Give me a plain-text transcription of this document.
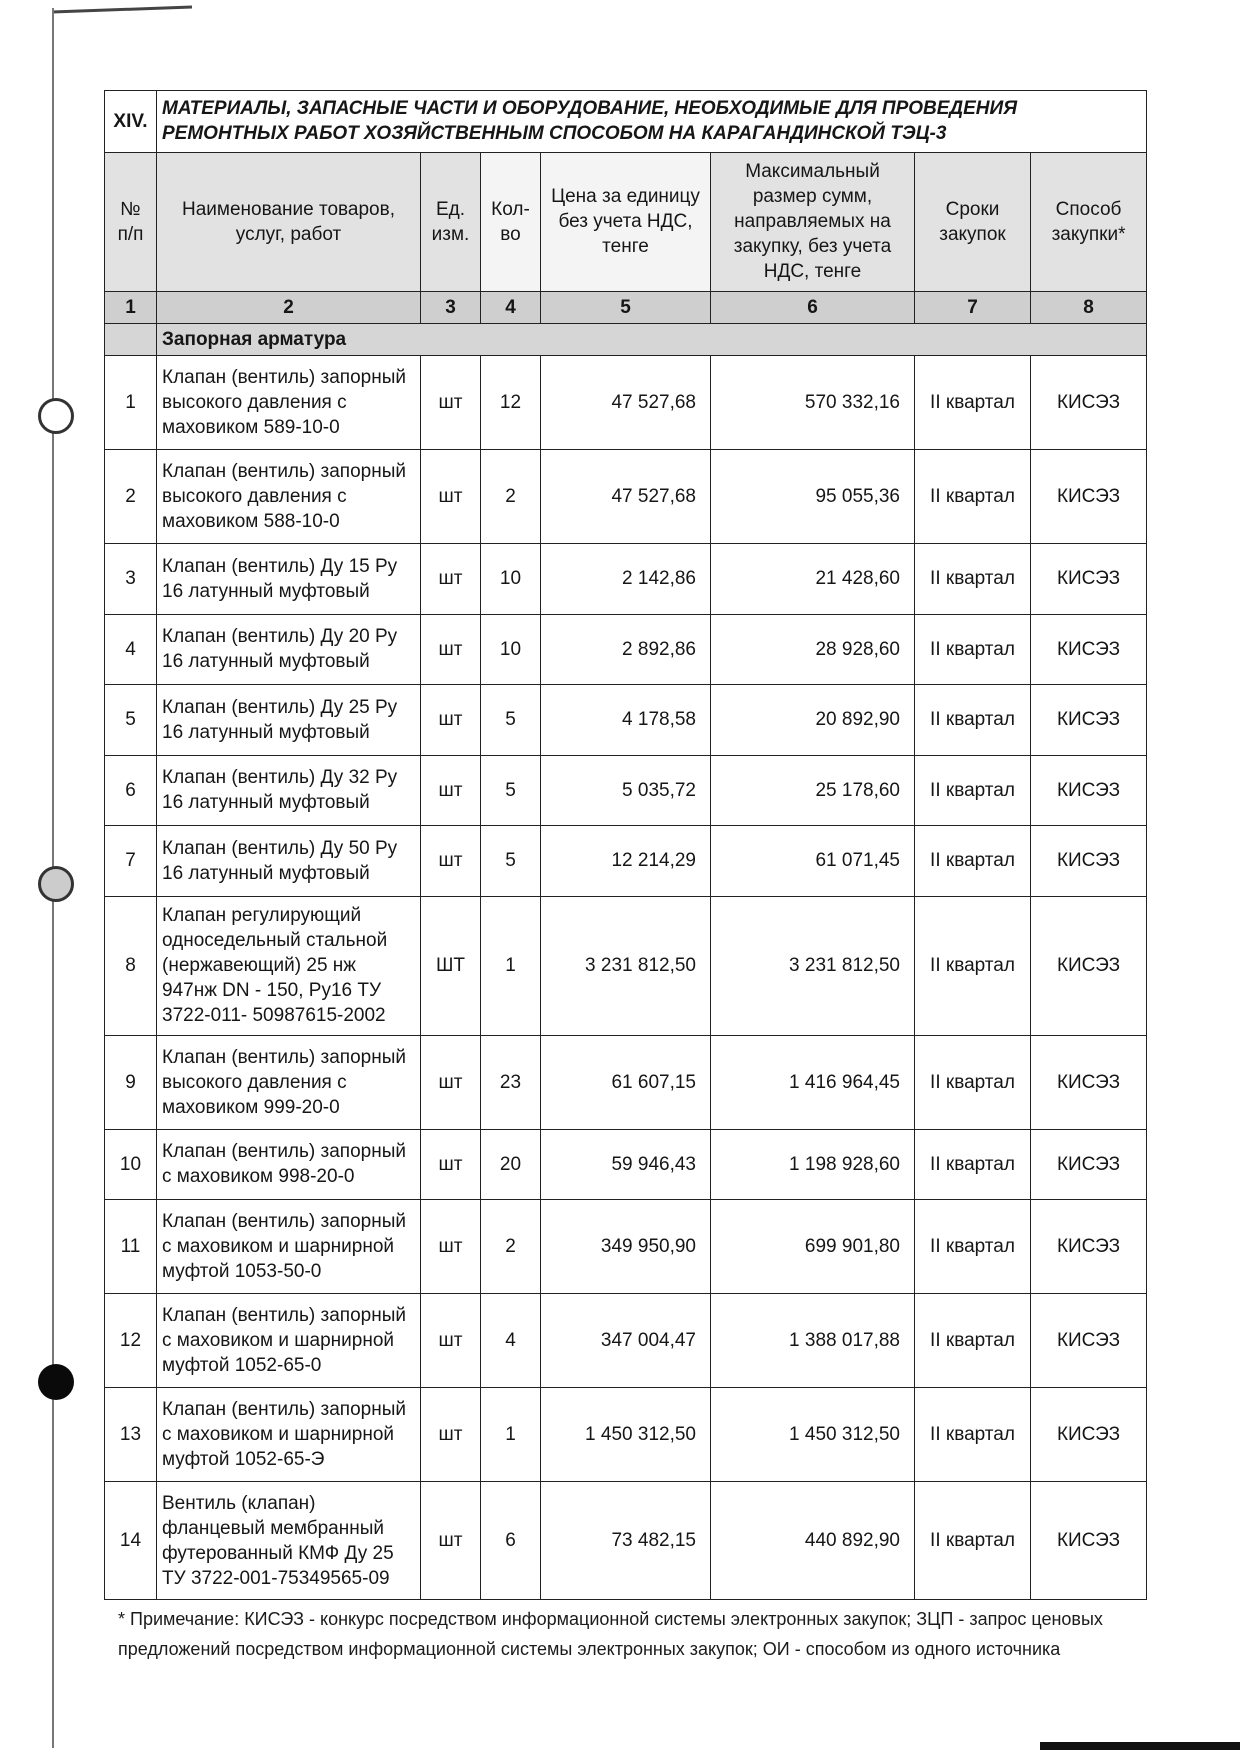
XIV.	МАТЕРИАЛЫ, ЗАПАСНЫЕ ЧАСТИ И ОБОРУДОВАНИЕ, НЕОБХОДИМЫЕ ДЛЯ ПРОВЕДЕНИЯ РЕМОНТНЫХ РАБОТ ХОЗЯЙСТВЕННЫМ СПОСОБОМ НА КАРАГАНДИНСКОЙ ТЭЦ-3						
№ п/п	Наименование товаров, услуг, работ	Ед. изм.	Кол-во	Цена за единицу без учета НДС, тенге	Максимальный размер сумм, направляемых на закупку, без учета НДС, тенге	Сроки закупок	Способ закупки*
1	2	3	4	5	6	7	8
	Запорная арматура						
1	Клапан (вентиль) запорный высокого давления с маховиком 589-10-0	шт	12	47 527,68	570 332,16	II квартал	КИСЭЗ
2	Клапан (вентиль) запорный высокого давления с маховиком 588-10-0	шт	2	47 527,68	95 055,36	II квартал	КИСЭЗ
3	Клапан (вентиль) Ду 15 Ру 16 латунный муфтовый	шт	10	2 142,86	21 428,60	II квартал	КИСЭЗ
4	Клапан (вентиль) Ду 20 Ру 16 латунный муфтовый	шт	10	2 892,86	28 928,60	II квартал	КИСЭЗ
5	Клапан (вентиль) Ду 25 Ру 16 латунный муфтовый	шт	5	4 178,58	20 892,90	II квартал	КИСЭЗ
6	Клапан (вентиль) Ду 32 Ру 16 латунный муфтовый	шт	5	5 035,72	25 178,60	II квартал	КИСЭЗ
7	Клапан (вентиль) Ду 50 Ру 16 латунный муфтовый	шт	5	12 214,29	61 071,45	II квартал	КИСЭЗ
8	Клапан регулирующий односедельный стальной (нержавеющий) 25 нж 947нж DN - 150, Ру16 ТУ 3722-011- 50987615-2002	ШТ	1	3 231 812,50	3 231 812,50	II квартал	КИСЭЗ
9	Клапан (вентиль) запорный высокого давления с маховиком 999-20-0	шт	23	61 607,15	1 416 964,45	II квартал	КИСЭЗ
10	Клапан (вентиль) запорный с маховиком 998-20-0	шт	20	59 946,43	1 198 928,60	II квартал	КИСЭЗ
11	Клапан (вентиль) запорный с маховиком и шарнирной муфтой 1053-50-0	шт	2	349 950,90	699 901,80	II квартал	КИСЭЗ
12	Клапан (вентиль) запорный с маховиком и шарнирной муфтой 1052-65-0	шт	4	347 004,47	1 388 017,88	II квартал	КИСЭЗ
13	Клапан (вентиль) запорный с маховиком и шарнирной муфтой 1052-65-Э	шт	1	1 450 312,50	1 450 312,50	II квартал	КИСЭЗ
14	Вентиль (клапан) фланцевый мембранный футерованный КМФ Ду 25 ТУ 3722-001-75349565-09	шт	6	73 482,15	440 892,90	II квартал	КИСЭЗ
* Примечание: КИСЭЗ - конкурс посредством информационной системы электронных закупок; ЗЦП - запрос ценовых предложений посредством информационной системы электронных закупок; ОИ - способом из одного источника
